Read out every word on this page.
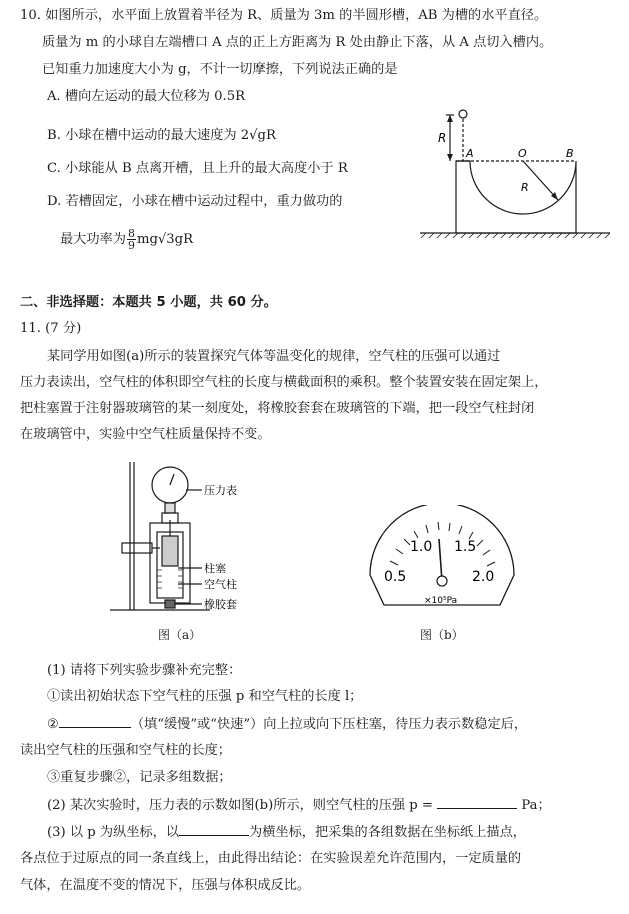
10. 如图所示，水平面上放置着半径为 R、质量为 3m 的半圆形槽，AB 为槽的水平直径。
质量为 m 的小球自左端槽口 A 点的正上方距离为 R 处由静止下落，从 A 点切入槽内。
已知重力加速度大小为 g，不计一切摩擦，下列说法正确的是
A. 槽向左运动的最大位移为 0.5R
B. 小球在槽中运动的最大速度为 2√gR
C. 小球能从 B 点离开槽，且上升的最大高度小于 R
D. 若槽固定，小球在槽中运动过程中，重力做功的
最大功率为 $\frac{8}{9} mg√3gR$
R
A	O	B
R
二、非选择题：本题共 5 小题，共 60 分。
11. (7 分)
某同学用如图(a)所示的装置探究气体等温变化的规律，空气柱的压强可以通过
压力表读出，空气柱的体积即空气柱的长度与横截面积的乘积。整个装置安装在固定架上，
把柱塞置于注射器玻璃管的某一刻度处，将橡胶套套在玻璃管的下端，把一段空气柱封闭
在玻璃管中，实验中空气柱质量保持不变。
压力表
柱塞
空气柱
橡胶套
图（a）
0.5
1.0 1.5
2.0
×10⁵Pa
图（b）
(1) 请将下列实验步骤补充完整：
①读出初始状态下空气柱的压强 p 和空气柱的长度 l；
②	（填“缓慢”或“快速”）向上拉或向下压柱塞，待压力表示数稳定后，
读出空气柱的压强和空气柱的长度；
③重复步骤②，记录多组数据；
(2) 某次实验时，压力表的示数如图(b)所示，则空气柱的压强 p =	Pa；
(3) 以 p 为纵坐标，以	为横坐标，把采集的各组数据在坐标纸上描点，
各点位于过原点的同一条直线上，由此得出结论：在实验误差允许范围内，一定质量的
气体，在温度不变的情况下，压强与体积成反比。
